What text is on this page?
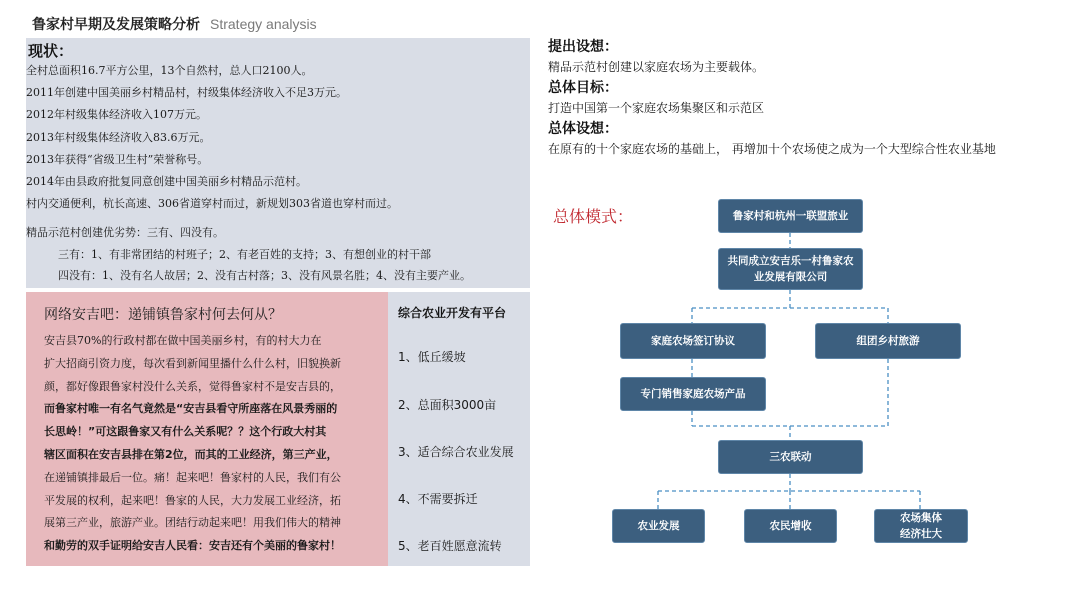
鲁家村早期及发展策略分析 Strategy analysis
现状：
全村总面积16.7平方公里，13个自然村，总人口2100人。
2011年创建中国美丽乡村精品村，村级集体经济收入不足3万元。
2012年村级集体经济收入107万元。
2013年村级集体经济收入83.6万元。
2013年获得“省级卫生村”荣誉称号。
2014年由县政府批复同意创建中国美丽乡村精品示范村。
村内交通便利，杭长高速、306省道穿村而过，新规划303省道也穿村而过。
精品示范村创建优劣势：三有、四没有。
三有：1、有非常团结的村班子；2、有老百姓的支持；3、有想创业的村干部
四没有：1、没有名人故居；2、没有古村落；3、没有风景名胜；4、没有主要产业。
网络安吉吧：递铺镇鲁家村何去何从？
安吉县70%的行政村都在做中国美丽乡村，有的村大力在
扩大招商引资力度，每次看到新闻里播什么什么村，旧貌换新
颜，都好像跟鲁家村没什么关系，觉得鲁家村不是安吉县的，
而鲁家村唯一有名气竟然是“安吉县看守所座落在风景秀丽的
长思岭！”可这跟鲁家又有什么关系呢？？这个行政大村其
辖区面积在安吉县排在第2位，而其的工业经济，第三产业，
在递铺镇排最后一位。痛！起来吧！鲁家村的人民，我们有公
平发展的权利，起来吧！鲁家的人民，大力发展工业经济，拓
展第三产业，旅游产业。团结行动起来吧！用我们伟大的精神
和勤劳的双手证明给安吉人民看：安吉还有个美丽的鲁家村！
综合农业开发有平台
1、低丘缓坡
2、总面积3000亩
3、适合综合农业发展
4、不需要拆迁
5、老百姓愿意流转
提出设想：
精品示范村创建以家庭农场为主要载体。
总体目标：
打造中国第一个家庭农场集聚区和示范区
总体设想：
在原有的十个家庭农场的基础上， 再增加十个农场使之成为一个大型综合性农业基地
总体模式：	鲁家村和杭州一联盟旅业
共同成立安吉乐一村鲁家农
业发展有限公司
家庭农场签订协议	组团乡村旅游
专门销售家庭农场产品
三农联动
农业发展	农民增收
农场集体
经济壮大
